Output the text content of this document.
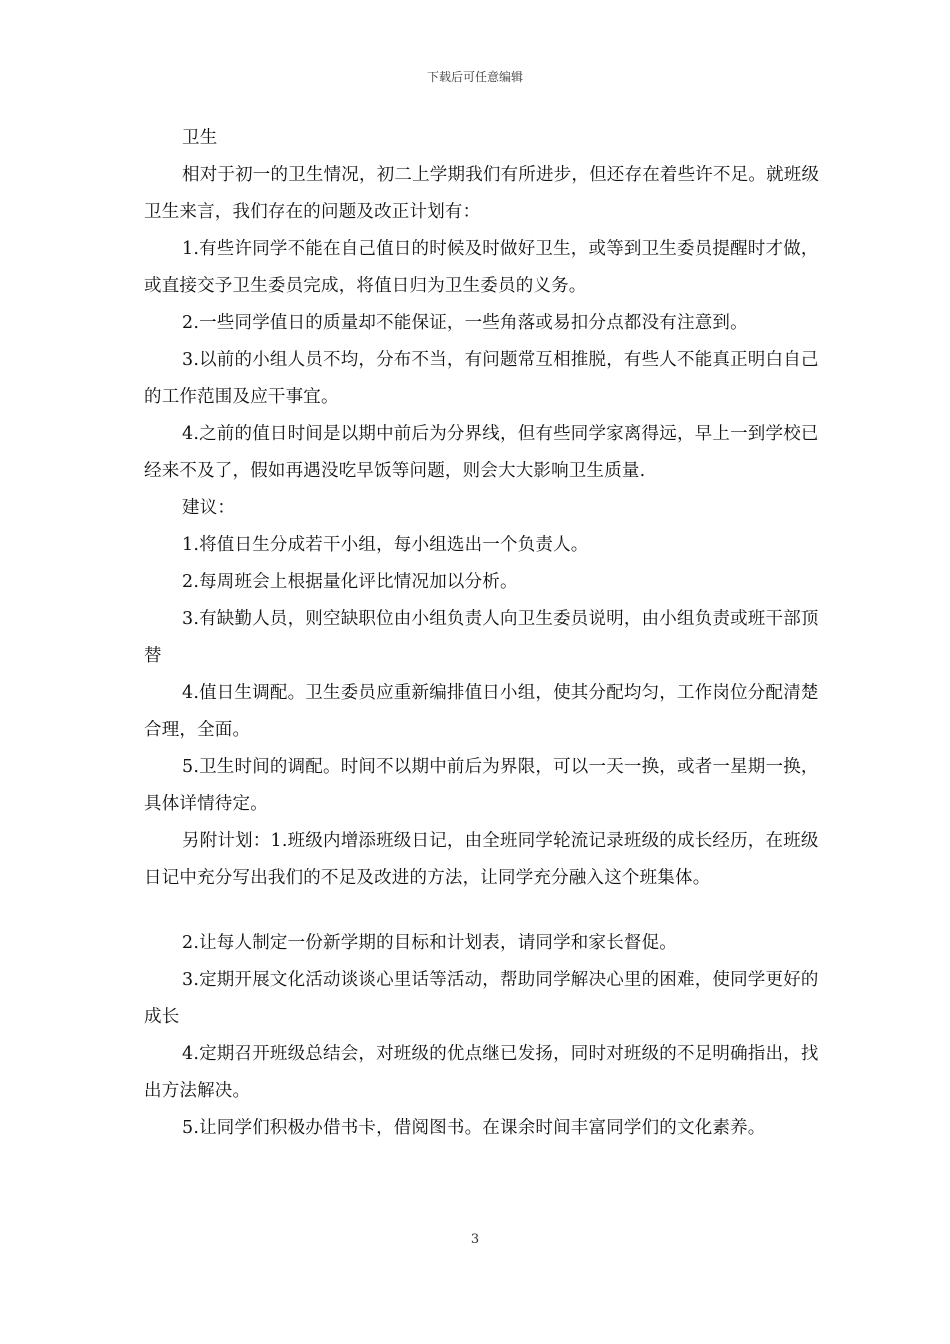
下载后可任意编辑

卫生

相对于初一的卫生情况，初二上学期我们有所进步，但还存在着些许不足。就班级卫生来言，我们存在的问题及改正计划有：

1.有些许同学不能在自己值日的时候及时做好卫生，或等到卫生委员提醒时才做，或直接交予卫生委员完成，将值日归为卫生委员的义务。

2.一些同学值日的质量却不能保证，一些角落或易扣分点都没有注意到。

3.以前的小组人员不均，分布不当，有问题常互相推脱，有些人不能真正明白自己的工作范围及应干事宜。

4.之前的值日时间是以期中前后为分界线，但有些同学家离得远，早上一到学校已经来不及了，假如再遇没吃早饭等问题，则会大大影响卫生质量.

建议：

1.将值日生分成若干小组，每小组选出一个负责人。

2.每周班会上根据量化评比情况加以分析。

3.有缺勤人员，则空缺职位由小组负责人向卫生委员说明，由小组负责或班干部顶替

4.值日生调配。卫生委员应重新编排值日小组，使其分配均匀，工作岗位分配清楚合理，全面。

5.卫生时间的调配。时间不以期中前后为界限，可以一天一换，或者一星期一换，具体详情待定。

另附计划：1.班级内增添班级日记，由全班同学轮流记录班级的成长经历，在班级日记中充分写出我们的不足及改进的方法，让同学充分融入这个班集体。

2.让每人制定一份新学期的目标和计划表，请同学和家长督促。

3.定期开展文化活动谈谈心里话等活动，帮助同学解决心里的困难，使同学更好的成长

4.定期召开班级总结会，对班级的优点继已发扬，同时对班级的不足明确指出，找出方法解决。

5.让同学们积极办借书卡，借阅图书。在课余时间丰富同学们的文化素养。

3
